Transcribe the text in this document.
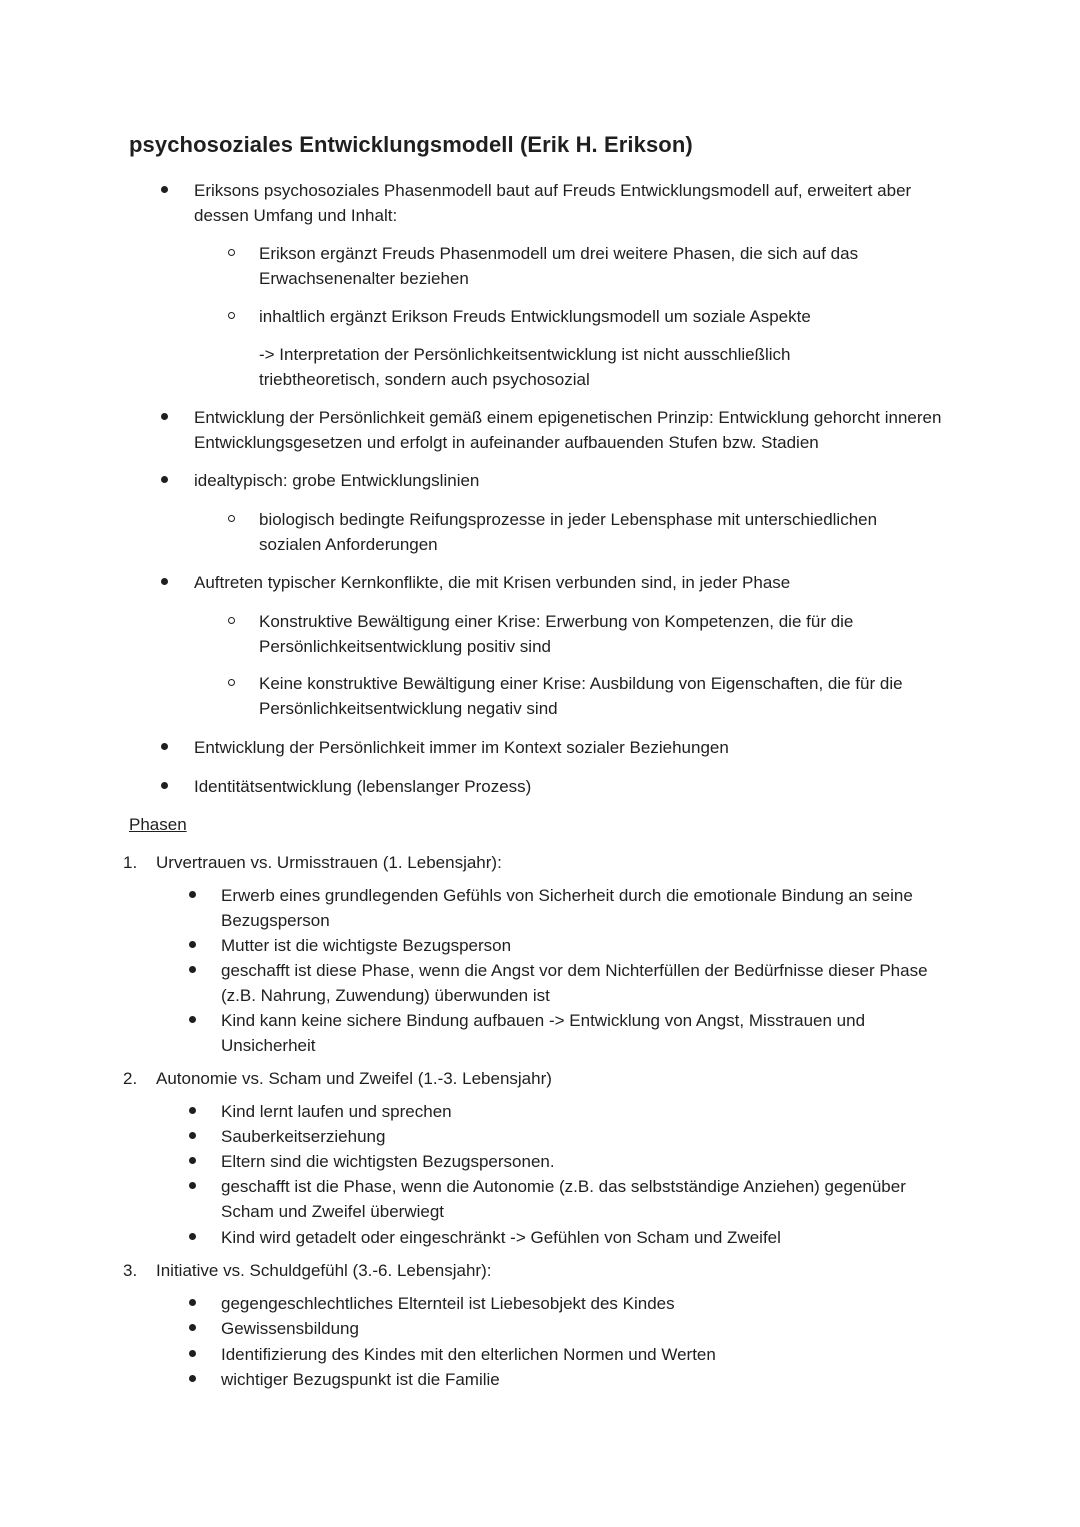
psychosoziales Entwicklungsmodell (Erik H. Erikson)
Eriksons psychosoziales Phasenmodell baut auf Freuds Entwicklungsmodell auf, erweitert aber dessen Umfang und Inhalt:
Erikson ergänzt Freuds Phasenmodell um drei weitere Phasen, die sich auf das Erwachsenenalter beziehen
inhaltlich ergänzt Erikson Freuds Entwicklungsmodell um soziale Aspekte
-> Interpretation der Persönlichkeitsentwicklung ist nicht ausschließlich triebtheoretisch, sondern auch psychosozial
Entwicklung der Persönlichkeit gemäß einem epigenetischen Prinzip: Entwicklung gehorcht inneren Entwicklungsgesetzen und erfolgt in aufeinander aufbauenden Stufen bzw. Stadien
idealtypisch: grobe Entwicklungslinien
biologisch bedingte Reifungsprozesse in jeder Lebensphase mit unterschiedlichen sozialen Anforderungen
Auftreten typischer Kernkonflikte, die mit Krisen verbunden sind, in jeder Phase
Konstruktive Bewältigung einer Krise: Erwerbung von Kompetenzen, die für die Persönlichkeitsentwicklung positiv sind
Keine konstruktive Bewältigung einer Krise: Ausbildung von Eigenschaften, die für die Persönlichkeitsentwicklung negativ sind
Entwicklung der Persönlichkeit immer im Kontext sozialer Beziehungen
Identitätsentwicklung (lebenslanger Prozess)
Phasen
1. Urvertrauen vs. Urmisstrauen (1. Lebensjahr):
Erwerb eines grundlegenden Gefühls von Sicherheit durch die emotionale Bindung an seine Bezugsperson
Mutter ist die wichtigste Bezugsperson
geschafft ist diese Phase, wenn die Angst vor dem Nichterfüllen der Bedürfnisse dieser Phase (z.B. Nahrung, Zuwendung) überwunden ist
Kind kann keine sichere Bindung aufbauen -> Entwicklung von Angst, Misstrauen und Unsicherheit
2. Autonomie vs. Scham und Zweifel (1.-3. Lebensjahr)
Kind lernt laufen und sprechen
Sauberkeitserziehung
Eltern sind die wichtigsten Bezugspersonen.
geschafft ist die Phase, wenn die Autonomie (z.B. das selbstständige Anziehen) gegenüber Scham und Zweifel überwiegt
Kind wird getadelt oder eingeschränkt -> Gefühlen von Scham und Zweifel
3. Initiative vs. Schuldgefühl (3.-6. Lebensjahr):
gegengeschlechtliches Elternteil ist Liebesobjekt des Kindes
Gewissensbildung
Identifizierung des Kindes mit den elterlichen Normen und Werten
wichtiger Bezugspunkt ist die Familie
